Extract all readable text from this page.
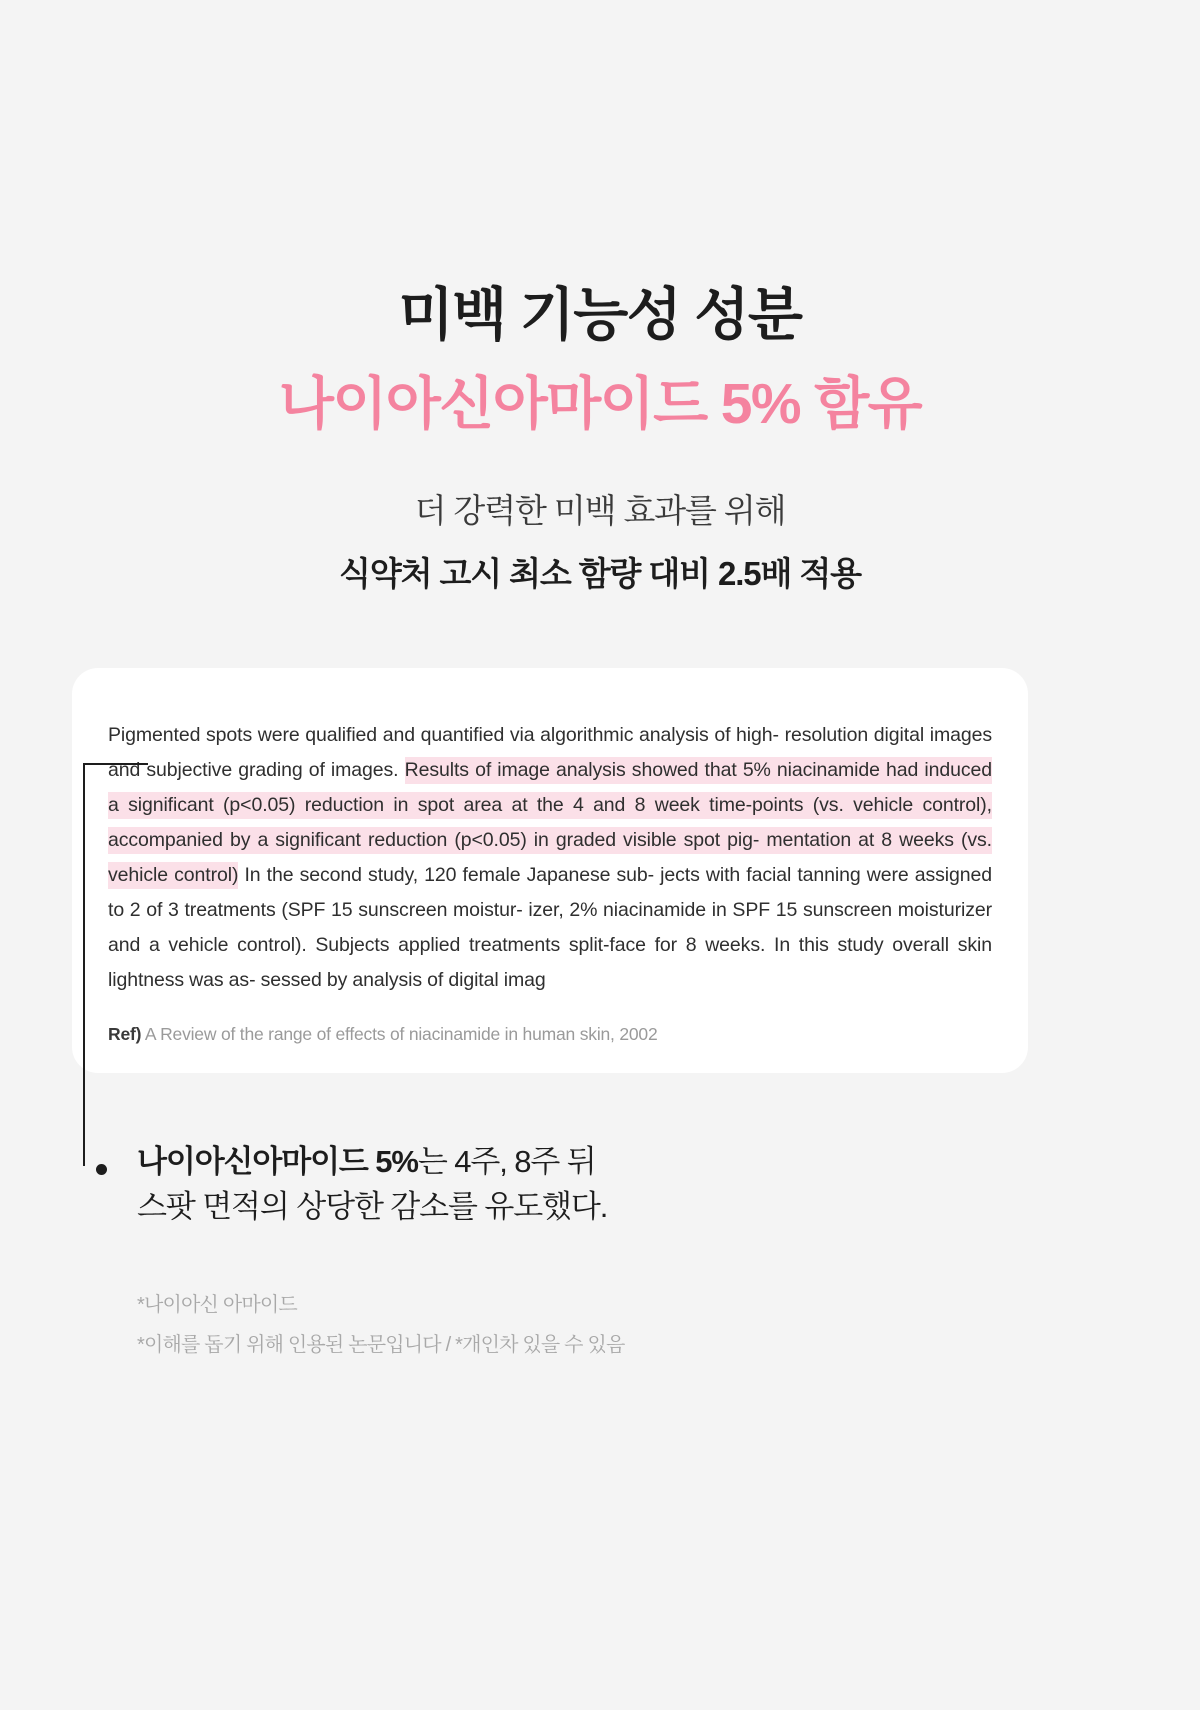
미백 기능성 성분
나이아신아마이드 5% 함유
더 강력한 미백 효과를 위해
식약처 고시 최소 함량 대비 2.5배 적용

Pigmented spots were qualified and quantified via algorithmic analysis of high- resolution digital images and subjective grading of images. Results of image analysis showed that 5% niacinamide had induced a significant (p<0.05) reduction in spot area at the 4 and 8 week time-points (vs. vehicle control), accompanied by a significant reduction (p<0.05) in graded visible spot pig- mentation at 8 weeks (vs. vehicle control) In the second study, 120 female Japanese sub- jects with facial tanning were assigned to 2 of 3 treatments (SPF 15 sunscreen moistur- izer, 2% niacinamide in SPF 15 sunscreen moisturizer and a vehicle control). Subjects applied treatments split-face for 8 weeks. In this study overall skin lightness was as- sessed by analysis of digital imag

Ref) A Review of the range of effects of niacinamide in human skin, 2002
나이아신아마이드 5%는 4주, 8주 뒤
스팟 면적의 상당한 감소를 유도했다.
*나이아신 아마이드
*이해를 돕기 위해 인용된 논문입니다 / *개인차 있을 수 있음
